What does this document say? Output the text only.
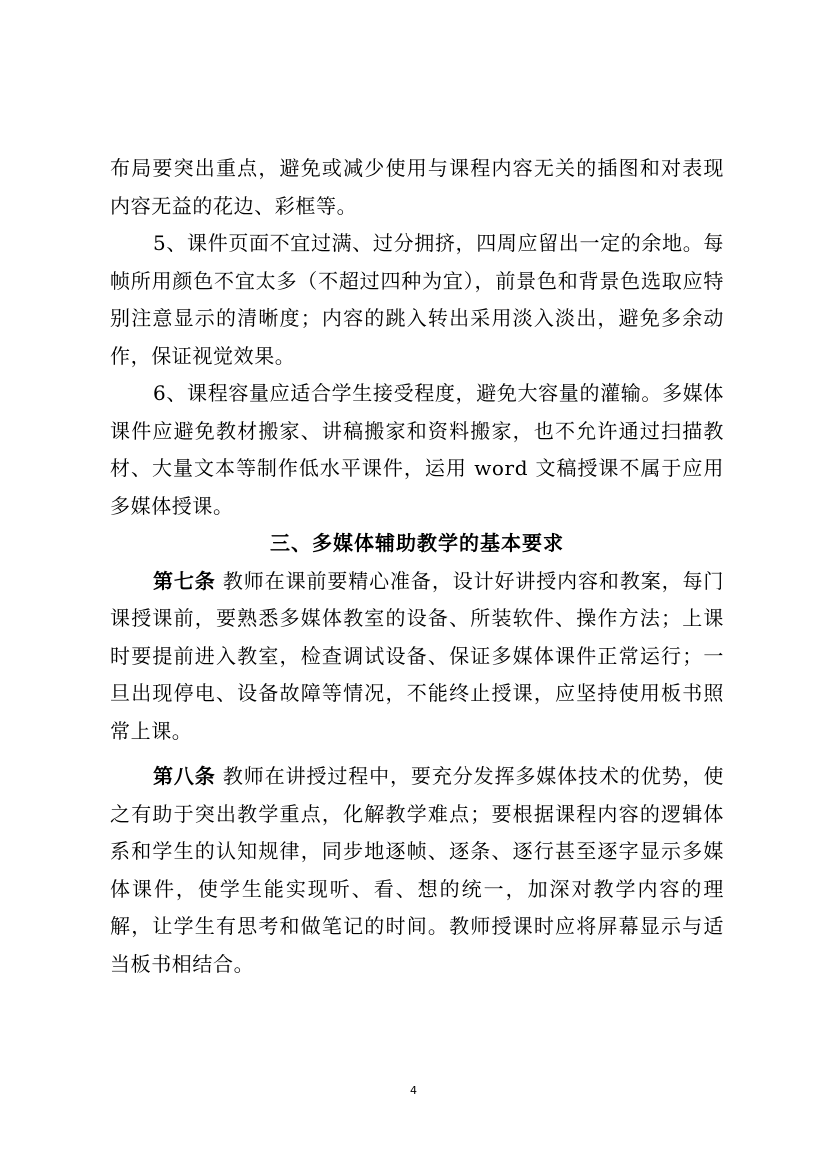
布局要突出重点，避免或减少使用与课程内容无关的插图和对表现内容无益的花边、彩框等。

5、课件页面不宜过满、过分拥挤，四周应留出一定的余地。每帧所用颜色不宜太多（不超过四种为宜），前景色和背景色选取应特别注意显示的清晰度；内容的跳入转出采用淡入淡出，避免多余动作，保证视觉效果。

6、课程容量应适合学生接受程度，避免大容量的灌输。多媒体课件应避免教材搬家、讲稿搬家和资料搬家，也不允许通过扫描教材、大量文本等制作低水平课件，运用 word 文稿授课不属于应用多媒体授课。

三、多媒体辅助教学的基本要求

第七条 教师在课前要精心准备，设计好讲授内容和教案，每门课授课前，要熟悉多媒体教室的设备、所装软件、操作方法；上课时要提前进入教室，检查调试设备、保证多媒体课件正常运行；一旦出现停电、设备故障等情况，不能终止授课，应坚持使用板书照常上课。

第八条 教师在讲授过程中，要充分发挥多媒体技术的优势，使之有助于突出教学重点，化解教学难点；要根据课程内容的逻辑体系和学生的认知规律，同步地逐帧、逐条、逐行甚至逐字显示多媒体课件，使学生能实现听、看、想的统一，加深对教学内容的理解，让学生有思考和做笔记的时间。教师授课时应将屏幕显示与适当板书相结合。

4
